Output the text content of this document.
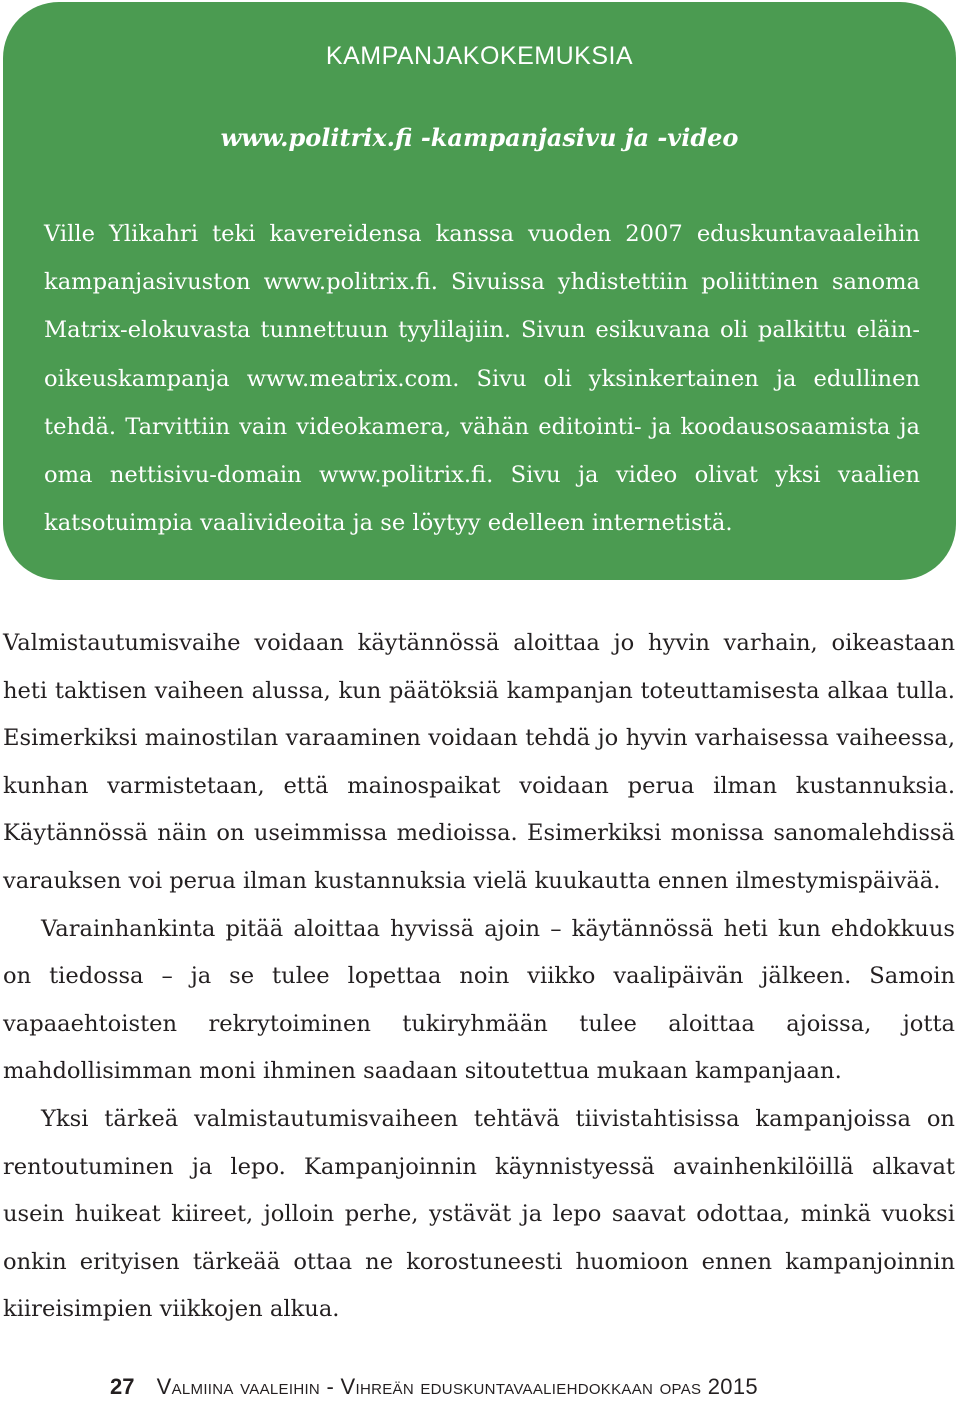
KAMPANJAKOKEMUKSIA
www.politrix.fi -kampanjasivu ja -video
Ville Ylikahri teki kavereidensa kanssa vuoden 2007 eduskuntavaaleihin kampanjasivuston www.politrix.fi. Sivuissa yhdistettiin poliittinen sanoma Matrix-elokuvasta tunnettuun tyylilajiin. Sivun esikuvana oli palkittu eläin-oikeuskampanja www.meatrix.com. Sivu oli yksinkertainen ja edullinen tehdä. Tarvittiin vain videokamera, vähän editointi- ja koodausosaamista ja oma nettisivu-domain www.politrix.fi. Sivu ja video olivat yksi vaalien katsotuimpia vaalivideoita ja se löytyy edelleen internetistä.

Valmistautumisvaihe voidaan käytännössä aloittaa jo hyvin varhain, oikeastaan heti taktisen vaiheen alussa, kun päätöksiä kampanjan toteuttamisesta alkaa tulla. Esimerkiksi mainostilan varaaminen voidaan tehdä jo hyvin varhaisessa vaiheessa, kunhan varmistetaan, että mainospaikat voidaan perua ilman kustannuksia. Käytännössä näin on useimmissa medioissa. Esimerkiksi monissa sanomalehdissä varauksen voi perua ilman kustannuksia vielä kuukautta ennen ilmestymispäivää.

Varainhankinta pitää aloittaa hyvissä ajoin – käytännössä heti kun ehdokkuus on tiedossa – ja se tulee lopettaa noin viikko vaalipäivän jälkeen. Samoin vapaaehtoisten rekrytoiminen tukiryhmään tulee aloittaa ajoissa, jotta mahdollisimman moni ihminen saadaan sitoutettua mukaan kampanjaan.

Yksi tärkeä valmistautumisvaiheen tehtävä tiivistahtisissa kampanjoissa on rentoutuminen ja lepo. Kampanjoinnin käynnistyessä avainhenkilöillä alkavat usein huikeat kiireet, jolloin perhe, ystävät ja lepo saavat odottaa, minkä vuoksi onkin erityisen tärkeää ottaa ne korostuneesti huomioon ennen kampanjoinnin kiireisimpien viikkojen alkua.

27 Valmiina vaaleihin - Vihreän eduskuntavaaliehdokkaan opas 2015
